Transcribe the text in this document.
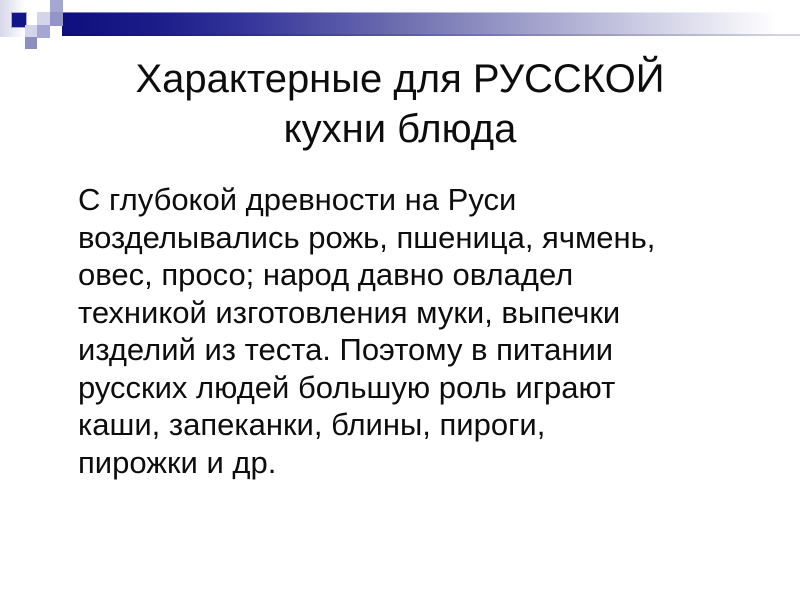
Характерные для РУССКОЙ
кухни блюда
С глубокой древности на Руси
возделывались рожь, пшеница, ячмень,
овес, просо; народ давно овладел
техникой изготовления муки, выпечки
изделий из теста. Поэтому в питании
русских людей большую роль играют
каши, запеканки, блины, пироги,
пирожки и др.
